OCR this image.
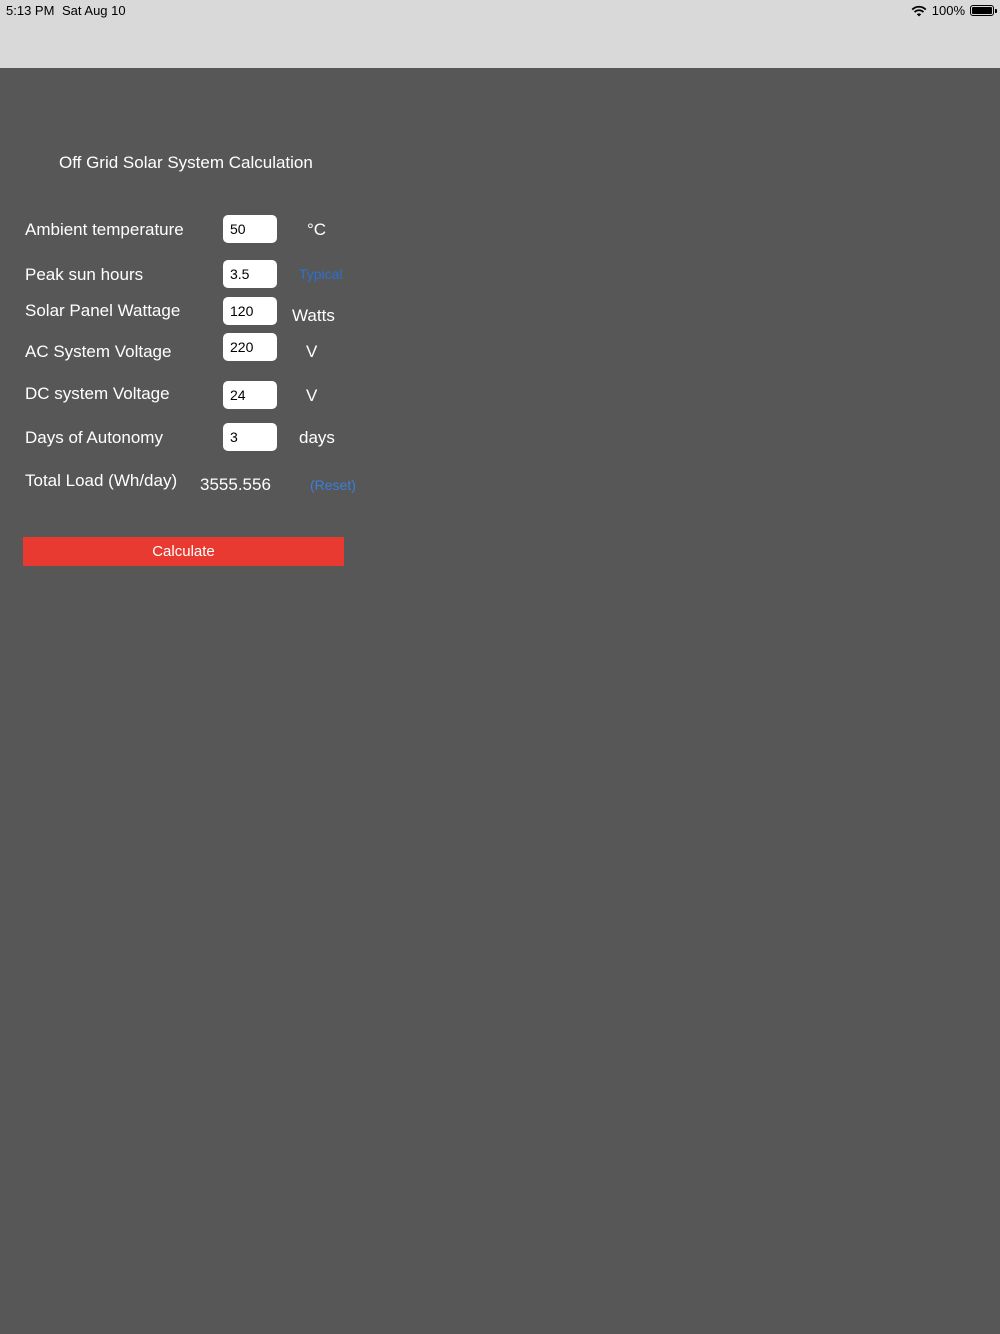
5:13 PM Sat Aug 10	100%
Off Grid Solar System Calculation
Ambient temperature
50	°C
Peak sun hours
3.5	Typical
Solar Panel Wattage
120	Watts
AC System Voltage
220	V
DC system Voltage
24	V
Days of Autonomy
3	days
Total Load (Wh/day) 3555.556	(Reset)
Calculate
